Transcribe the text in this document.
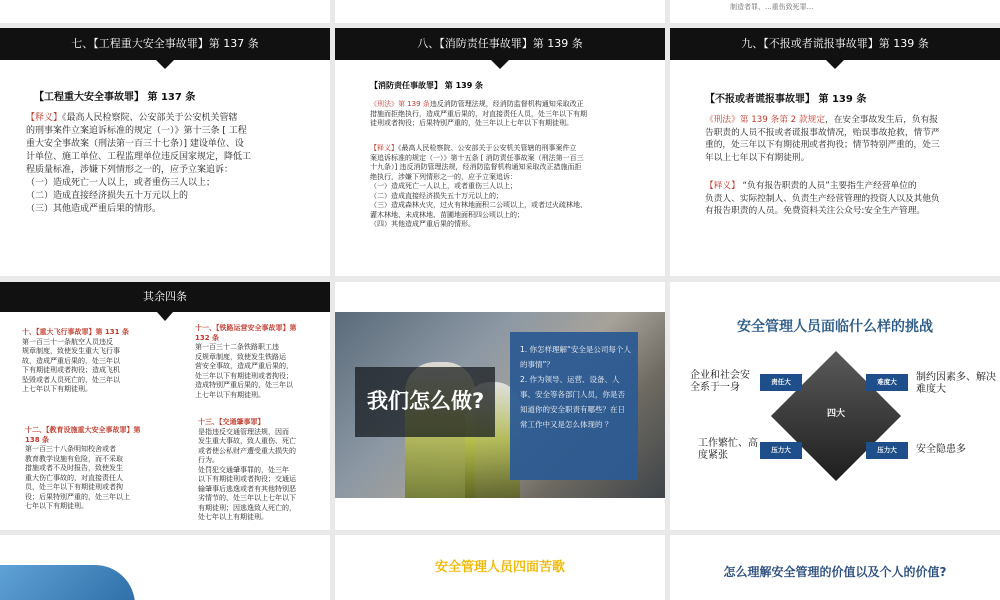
制造者罪、...重伤致死罪...
七、【工程重大安全事故罪】第 137 条
【工程重大安全事故罪】 第 137 条
【释义】《最高人民检察院、公安部关于公安机关管辖
的刑事案件立案追诉标准的规定（一）》第十三条 [ 工程
重大安全事故案（刑法第一百三十七条）] 建设单位、设
计单位、施工单位、工程监理单位违反国家规定，降低工
程质量标准，涉嫌下列情形之一的，应予立案追诉：
（一）造成死亡一人以上，或者重伤三人以上；
（二）造成直接经济损失五十万元以上的
（三）其他造成严重后果的情形。
八、【消防责任事故罪】第 139 条
【消防责任事故罪】 第 139 条
《刑法》第 139 条违反消防管理法规，经消防监督机构通知采取改正
措施而拒绝执行，造成严重后果的，对直接责任人员，处三年以下有期
徒刑或者拘役；后果特别严重的，处三年以上七年以下有期徒刑。
【释义】《最高人民检察院、公安部关于公安机关管辖的刑事案件立
案追诉标准的规定（一）》第十五条 [ 消防责任事故案（刑法第一百三
十九条）] 违反消防管理法规，经消防监督机构通知采取改正措施而拒
绝执行，涉嫌下列情形之一的，应予立案追诉：
（一）造成死亡一人以上，或者重伤三人以上；
（二）造成直接经济损失五十万元以上的；
（三）造成森林火灾，过火有林地面积二公顷以上，或者过火疏林地、
灌木林地、未成林地、苗圃地面积四公顷以上的；
（四）其他造成严重后果的情形。
九、【不报或者谎报事故罪】第 139 条
【不报或者谎报事故罪】 第 139 条
《刑法》第 139 条第 2 款规定，在安全事故发生后，负有报
告职责的人员不报或者谎报事故情况，贻误事故抢救，情节严
重的，处三年以下有期徒刑或者拘役；情节特别严重的，处三
年以上七年以下有期徒刑。
【释义】 “负有报告职责的人员”主要指生产经营单位的
负责人、实际控制人、负责生产经营管理的投资人以及其他负
有报告职责的人员。免费资料关注公众号:安全生产管理。
其余四条
十、【重大飞行事故罪】第 131 条
第一百三十一条航空人员违反
规章制度，致使发生重大飞行事
故，造成严重后果的，处三年以
下有期徒刑或者拘役；造成飞机
坠毁或者人员死亡的，处三年以
上七年以下有期徒刑。
十一、【铁路运营安全事故罪】第 132 条
第一百三十二条铁路职工违
反规章制度，致使发生铁路运
营安全事故，造成严重后果的，
处三年以下有期徒刑或者拘役；
造成特别严重后果的，处三年以
上七年以下有期徒刑。
十二、【教育设施重大安全事故罪】第 138 条
第一百三十八条明知校舍或者
教育教学设施有危险，而不采取
措施或者不及时报告，致使发生
重大伤亡事故的，对直接责任人
员，处三年以下有期徒刑或者拘
役；后果特别严重的，处三年以上
七年以下有期徒刑。
十三、【交通肇事罪】
是指违反交通管理法规，因而
发生重大事故，致人重伤、死亡
或者使公私财产遭受重大损失的
行为。
处罚犯交通肇事罪的，处三年
以下有期徒刑或者拘役；交通运
输肇事后逃逸或者有其他特别恶
劣情节的，处三年以上七年以下
有期徒刑；因逃逸致人死亡的，
处七年以上有期徒刑。
我们怎么做?
1. 你怎样理解“安全是公司每个人的事情”？
2. 作为领导、运营、设备、人事、安全等各部门人员，你是否知道你的安全职责有哪些？在日常工作中又是怎么体现的 ？
安全管理人员面临什么样的挑战
四大
责任大	难度大
压力大	压力大
企业和社会安全系于一身
制约因素多、解决难度大
工作繁忙、高度紧张
安全隐患多
安全管理人员四面苦歌	怎么理解安全管理的价值以及个人的价值?
